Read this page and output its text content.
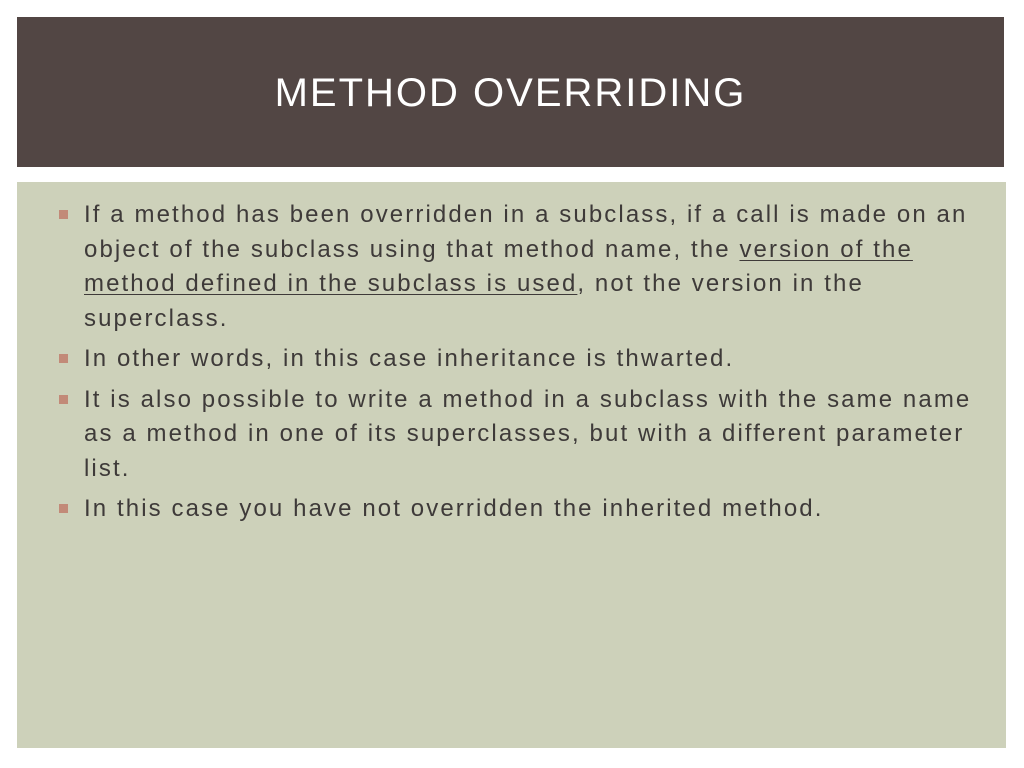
METHOD OVERRIDING
If a method has been overridden in a subclass, if a call is made on an object of the subclass using that method name, the version of the method defined in the subclass is used, not the version in the superclass.
In other words, in this case inheritance is thwarted.
It is also possible to write a method in a subclass with the same name as a method in one of its superclasses, but with a different parameter list.
In this case you have not overridden the inherited method.
